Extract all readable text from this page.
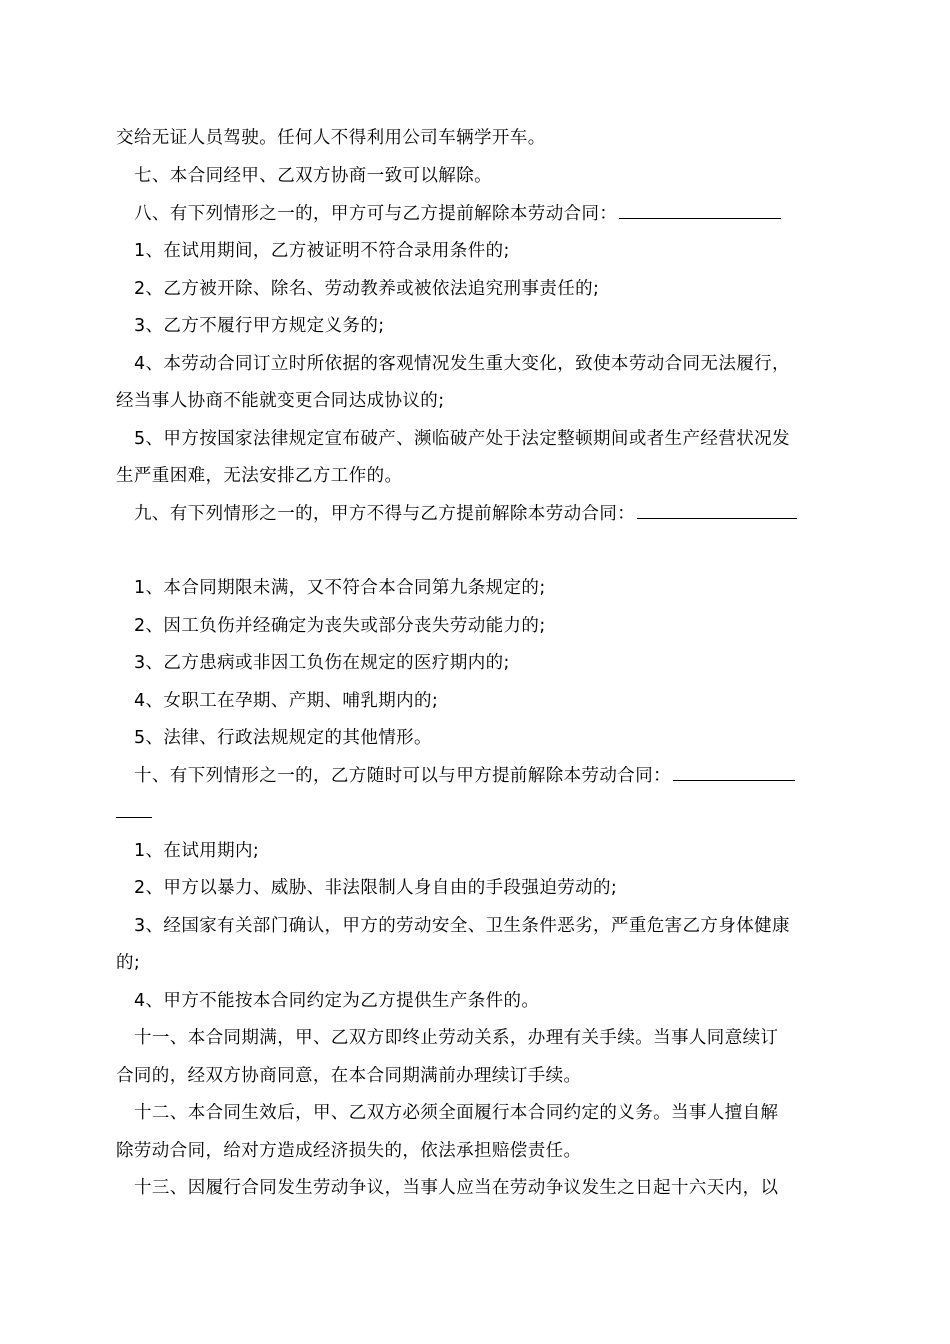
交给无证人员驾驶。任何人不得利用公司车辆学开车。
七、本合同经甲、乙双方协商一致可以解除。
八、有下列情形之一的，甲方可与乙方提前解除本劳动合同：
1、在试用期间，乙方被证明不符合录用条件的;
2、乙方被开除、除名、劳动教养或被依法追究刑事责任的;
3、乙方不履行甲方规定义务的;
4、本劳动合同订立时所依据的客观情况发生重大变化，致使本劳动合同无法履行，
经当事人协商不能就变更合同达成协议的;
5、甲方按国家法律规定宣布破产、濒临破产处于法定整顿期间或者生产经营状况发
生严重困难，无法安排乙方工作的。
九、有下列情形之一的，甲方不得与乙方提前解除本劳动合同：
1、本合同期限未满，又不符合本合同第九条规定的;
2、因工负伤并经确定为丧失或部分丧失劳动能力的;
3、乙方患病或非因工负伤在规定的医疗期内的;
4、女职工在孕期、产期、哺乳期内的;
5、法律、行政法规规定的其他情形。
十、有下列情形之一的，乙方随时可以与甲方提前解除本劳动合同：
1、在试用期内;
2、甲方以暴力、威胁、非法限制人身自由的手段强迫劳动的;
3、经国家有关部门确认，甲方的劳动安全、卫生条件恶劣，严重危害乙方身体健康
的;
4、甲方不能按本合同约定为乙方提供生产条件的。
十一、本合同期满，甲、乙双方即终止劳动关系，办理有关手续。当事人同意续订
合同的，经双方协商同意，在本合同期满前办理续订手续。
十二、本合同生效后，甲、乙双方必须全面履行本合同约定的义务。当事人擅自解
除劳动合同，给对方造成经济损失的，依法承担赔偿责任。
十三、因履行合同发生劳动争议，当事人应当在劳动争议发生之日起十六天内，以
